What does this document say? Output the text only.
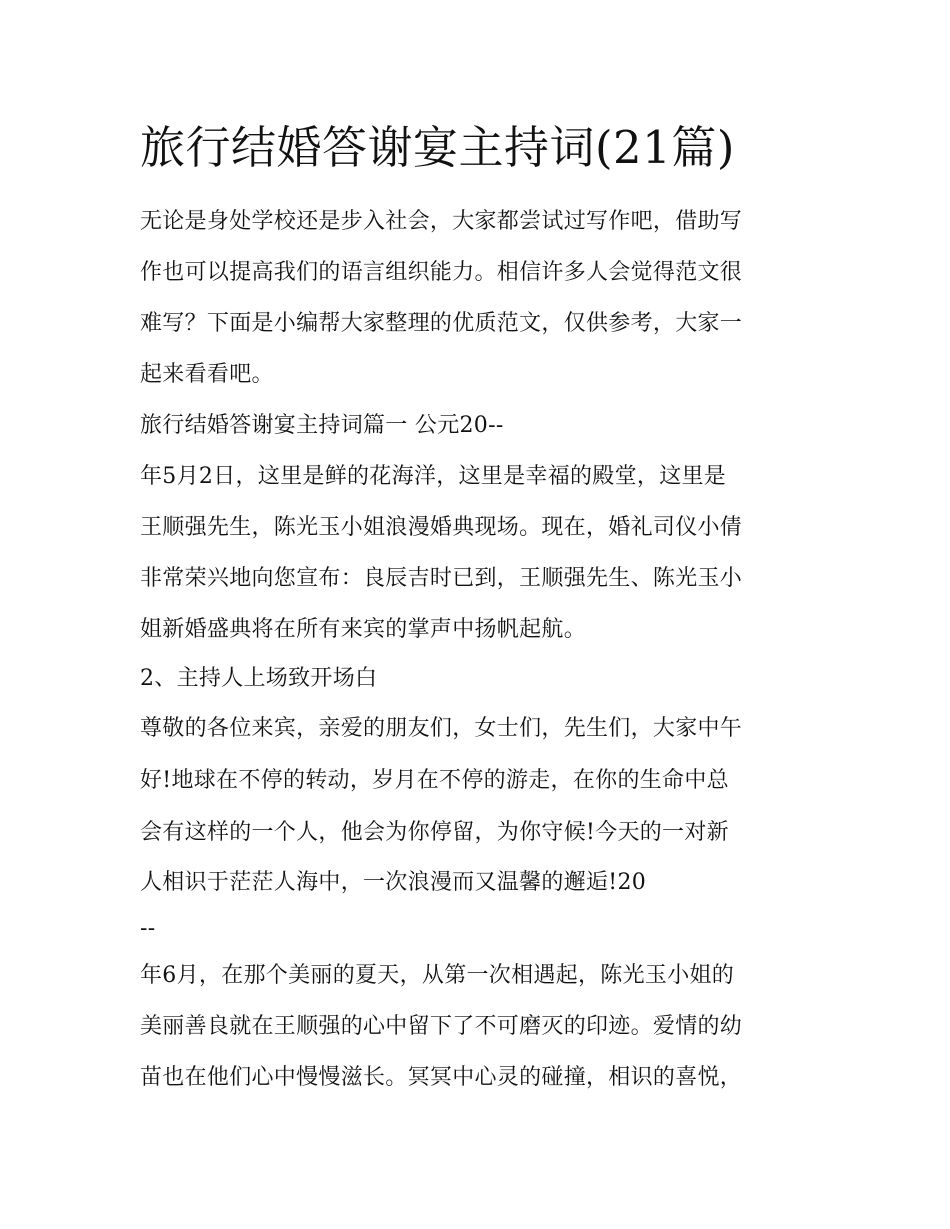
旅行结婚答谢宴主持词(21篇)
无论是身处学校还是步入社会，大家都尝试过写作吧，借助写
作也可以提高我们的语言组织能力。相信许多人会觉得范文很
难写？下面是小编帮大家整理的优质范文，仅供参考，大家一
起来看看吧。
旅行结婚答谢宴主持词篇一 公元20--
年5月2日，这里是鲜的花海洋，这里是幸福的殿堂，这里是
王顺强先生，陈光玉小姐浪漫婚典现场。现在，婚礼司仪小倩
非常荣兴地向您宣布：良辰吉时已到，王顺强先生、陈光玉小
姐新婚盛典将在所有来宾的掌声中扬帆起航。
2、主持人上场致开场白
尊敬的各位来宾，亲爱的朋友们，女士们，先生们，大家中午
好!地球在不停的转动，岁月在不停的游走，在你的生命中总
会有这样的一个人，他会为你停留，为你守候!今天的一对新
人相识于茫茫人海中，一次浪漫而又温馨的邂逅!20
--
年6月，在那个美丽的夏天，从第一次相遇起，陈光玉小姐的
美丽善良就在王顺强的心中留下了不可磨灭的印迹。爱情的幼
苗也在他们心中慢慢滋长。冥冥中心灵的碰撞，相识的喜悦，
